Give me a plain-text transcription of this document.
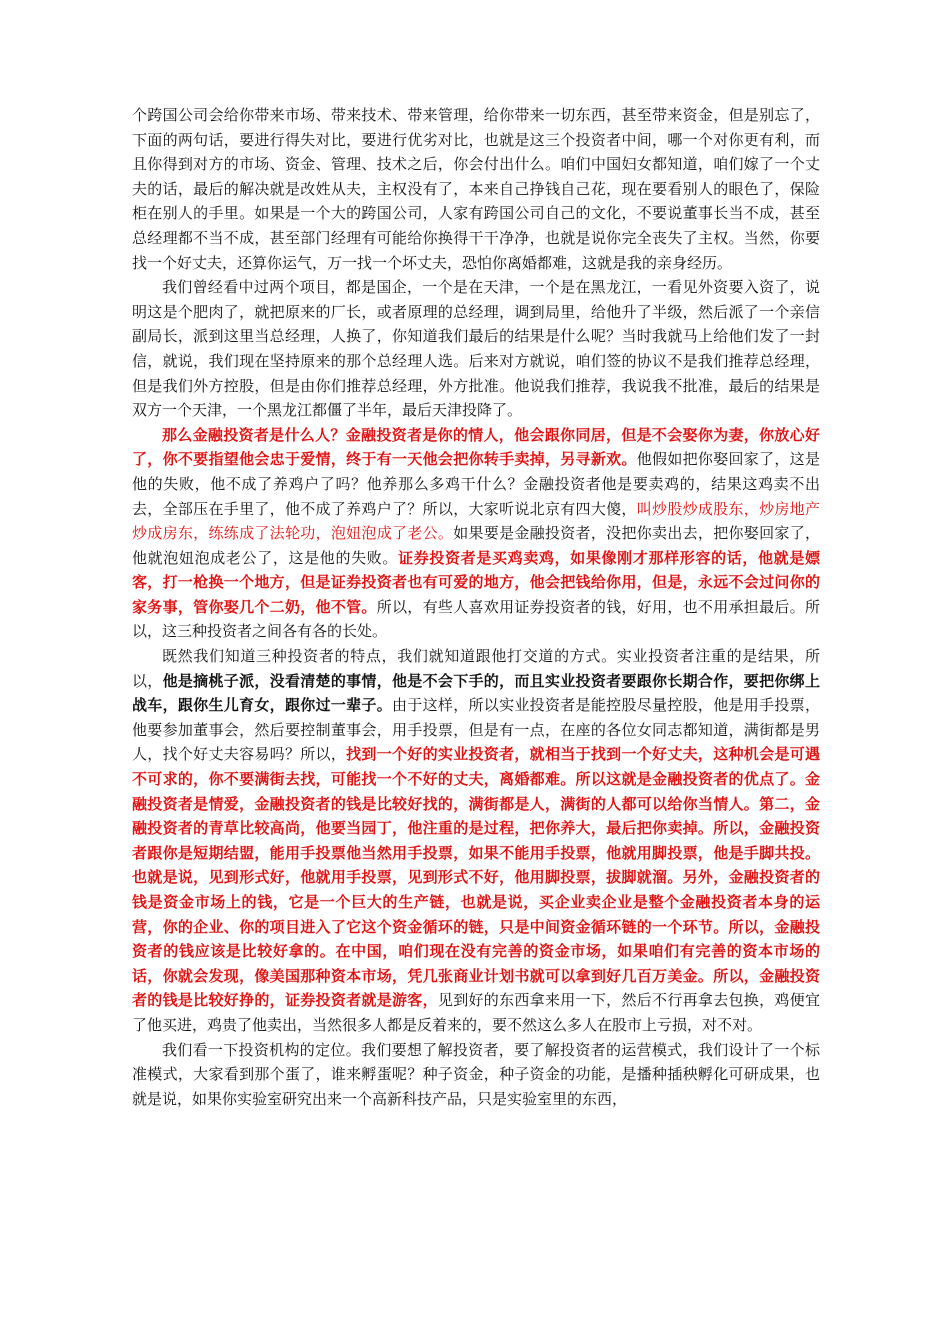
个跨国公司会给你带来市场、带来技术、带来管理，给你带来一切东西，甚至带来资金，但是别忘了，下面的两句话，要进行得失对比，要进行优劣对比，也就是这三个投资者中间，哪一个对你更有利，而且你得到对方的市场、资金、管理、技术之后，你会付出什么。咱们中国妇女都知道，咱们嫁了一个丈夫的话，最后的解决就是改姓从夫，主权没有了，本来自己挣钱自己花，现在要看别人的眼色了，保险柜在别人的手里。如果是一个大的跨国公司，人家有跨国公司自己的文化，不要说董事长当不成，甚至总经理都不当不成，甚至部门经理有可能给你换得干干净净，也就是说你完全丧失了主权。当然，你要找一个好丈夫，还算你运气，万一找一个坏丈夫，恐怕你离婚都难，这就是我的亲身经历。

我们曾经看中过两个项目，都是国企，一个是在天津，一个是在黑龙江，一看见外资要入资了，说明这是个肥肉了，就把原来的厂长，或者原理的总经理，调到局里，给他升了半级，然后派了一个亲信副局长，派到这里当总经理，人换了，你知道我们最后的结果是什么呢？当时我就马上给他们发了一封信，就说，我们现在坚持原来的那个总经理人选。后来对方就说，咱们签的协议不是我们推荐总经理，但是我们外方控股，但是由你们推荐总经理，外方批准。他说我们推荐，我说我不批准，最后的结果是双方一个天津，一个黑龙江都僵了半年，最后天津投降了。

那么金融投资者是什么人？金融投资者是你的情人，他会跟你同居，但是不会娶你为妻，你放心好了，你不要指望他会忠于爱情，终于有一天他会把你转手卖掉，另寻新欢。他假如把你娶回家了，这是他的失败，他不成了养鸡户了吗？他养那么多鸡干什么？金融投资者他是要卖鸡的，结果这鸡卖不出去，全部压在手里了，他不成了养鸡户了？所以，大家听说北京有四大傻，叫炒股炒成股东，炒房地产炒成房东，练练成了法轮功，泡妞泡成了老公。如果要是金融投资者，没把你卖出去，把你娶回家了，他就泡妞泡成老公了，这是他的失败。证券投资者是买鸡卖鸡，如果像刚才那样形容的话，他就是嫖客，打一枪换一个地方，但是证券投资者也有可爱的地方，他会把钱给你用，但是，永远不会过问你的家务事，管你娶几个二奶，他不管。所以，有些人喜欢用证券投资者的钱，好用，也不用承担最后。所以，这三种投资者之间各有各的长处。

既然我们知道三种投资者的特点，我们就知道跟他打交道的方式。实业投资者注重的是结果，所以，他是摘桃子派，没看清楚的事情，他是不会下手的，而且实业投资者要跟你长期合作，要把你绑上战车，跟你生儿育女，跟你过一辈子。由于这样，所以实业投资者是能控股尽量控股，他是用手投票，他要参加董事会，然后要控制董事会，用手投票，但是有一点，在座的各位女同志都知道，满街都是男人，找个好丈夫容易吗？所以，找到一个好的实业投资者，就相当于找到一个好丈夫，这种机会是可遇不可求的，你不要满街去找，可能找一个不好的丈夫，离婚都难。所以这就是金融投资者的优点了。金融投资者是情爱，金融投资者的钱是比较好找的，满街都是人，满街的人都可以给你当情人。第二，金融投资者的青草比较高尚，他要当园丁，他注重的是过程，把你养大，最后把你卖掉。所以，金融投资者跟你是短期结盟，能用手投票他当然用手投票，如果不能用手投票，他就用脚投票，他是手脚共投。也就是说，见到形式好，他就用手投票，见到形式不好，他用脚投票，拔脚就溜。另外，金融投资者的钱是资金市场上的钱，它是一个巨大的生产链，也就是说，买企业卖企业是整个金融投资者本身的运营，你的企业、你的项目进入了它这个资金循环的链，只是中间资金循环链的一个环节。所以，金融投资者的钱应该是比较好拿的。在中国，咱们现在没有完善的资金市场，如果咱们有完善的资本市场的话，你就会发现，像美国那种资本市场，凭几张商业计划书就可以拿到好几百万美金。所以，金融投资者的钱是比较好挣的，证券投资者就是游客，见到好的东西拿来用一下，然后不行再拿去包换，鸡便宜了他买进，鸡贵了他卖出，当然很多人都是反着来的，要不然这么多人在股市上亏损，对不对。

我们看一下投资机构的定位。我们要想了解投资者，要了解投资者的运营模式，我们设计了一个标准模式，大家看到那个蛋了，谁来孵蛋呢？种子资金，种子资金的功能，是播种插秧孵化可研成果，也就是说，如果你实验室研究出来一个高新科技产品，只是实验室里的东西，
